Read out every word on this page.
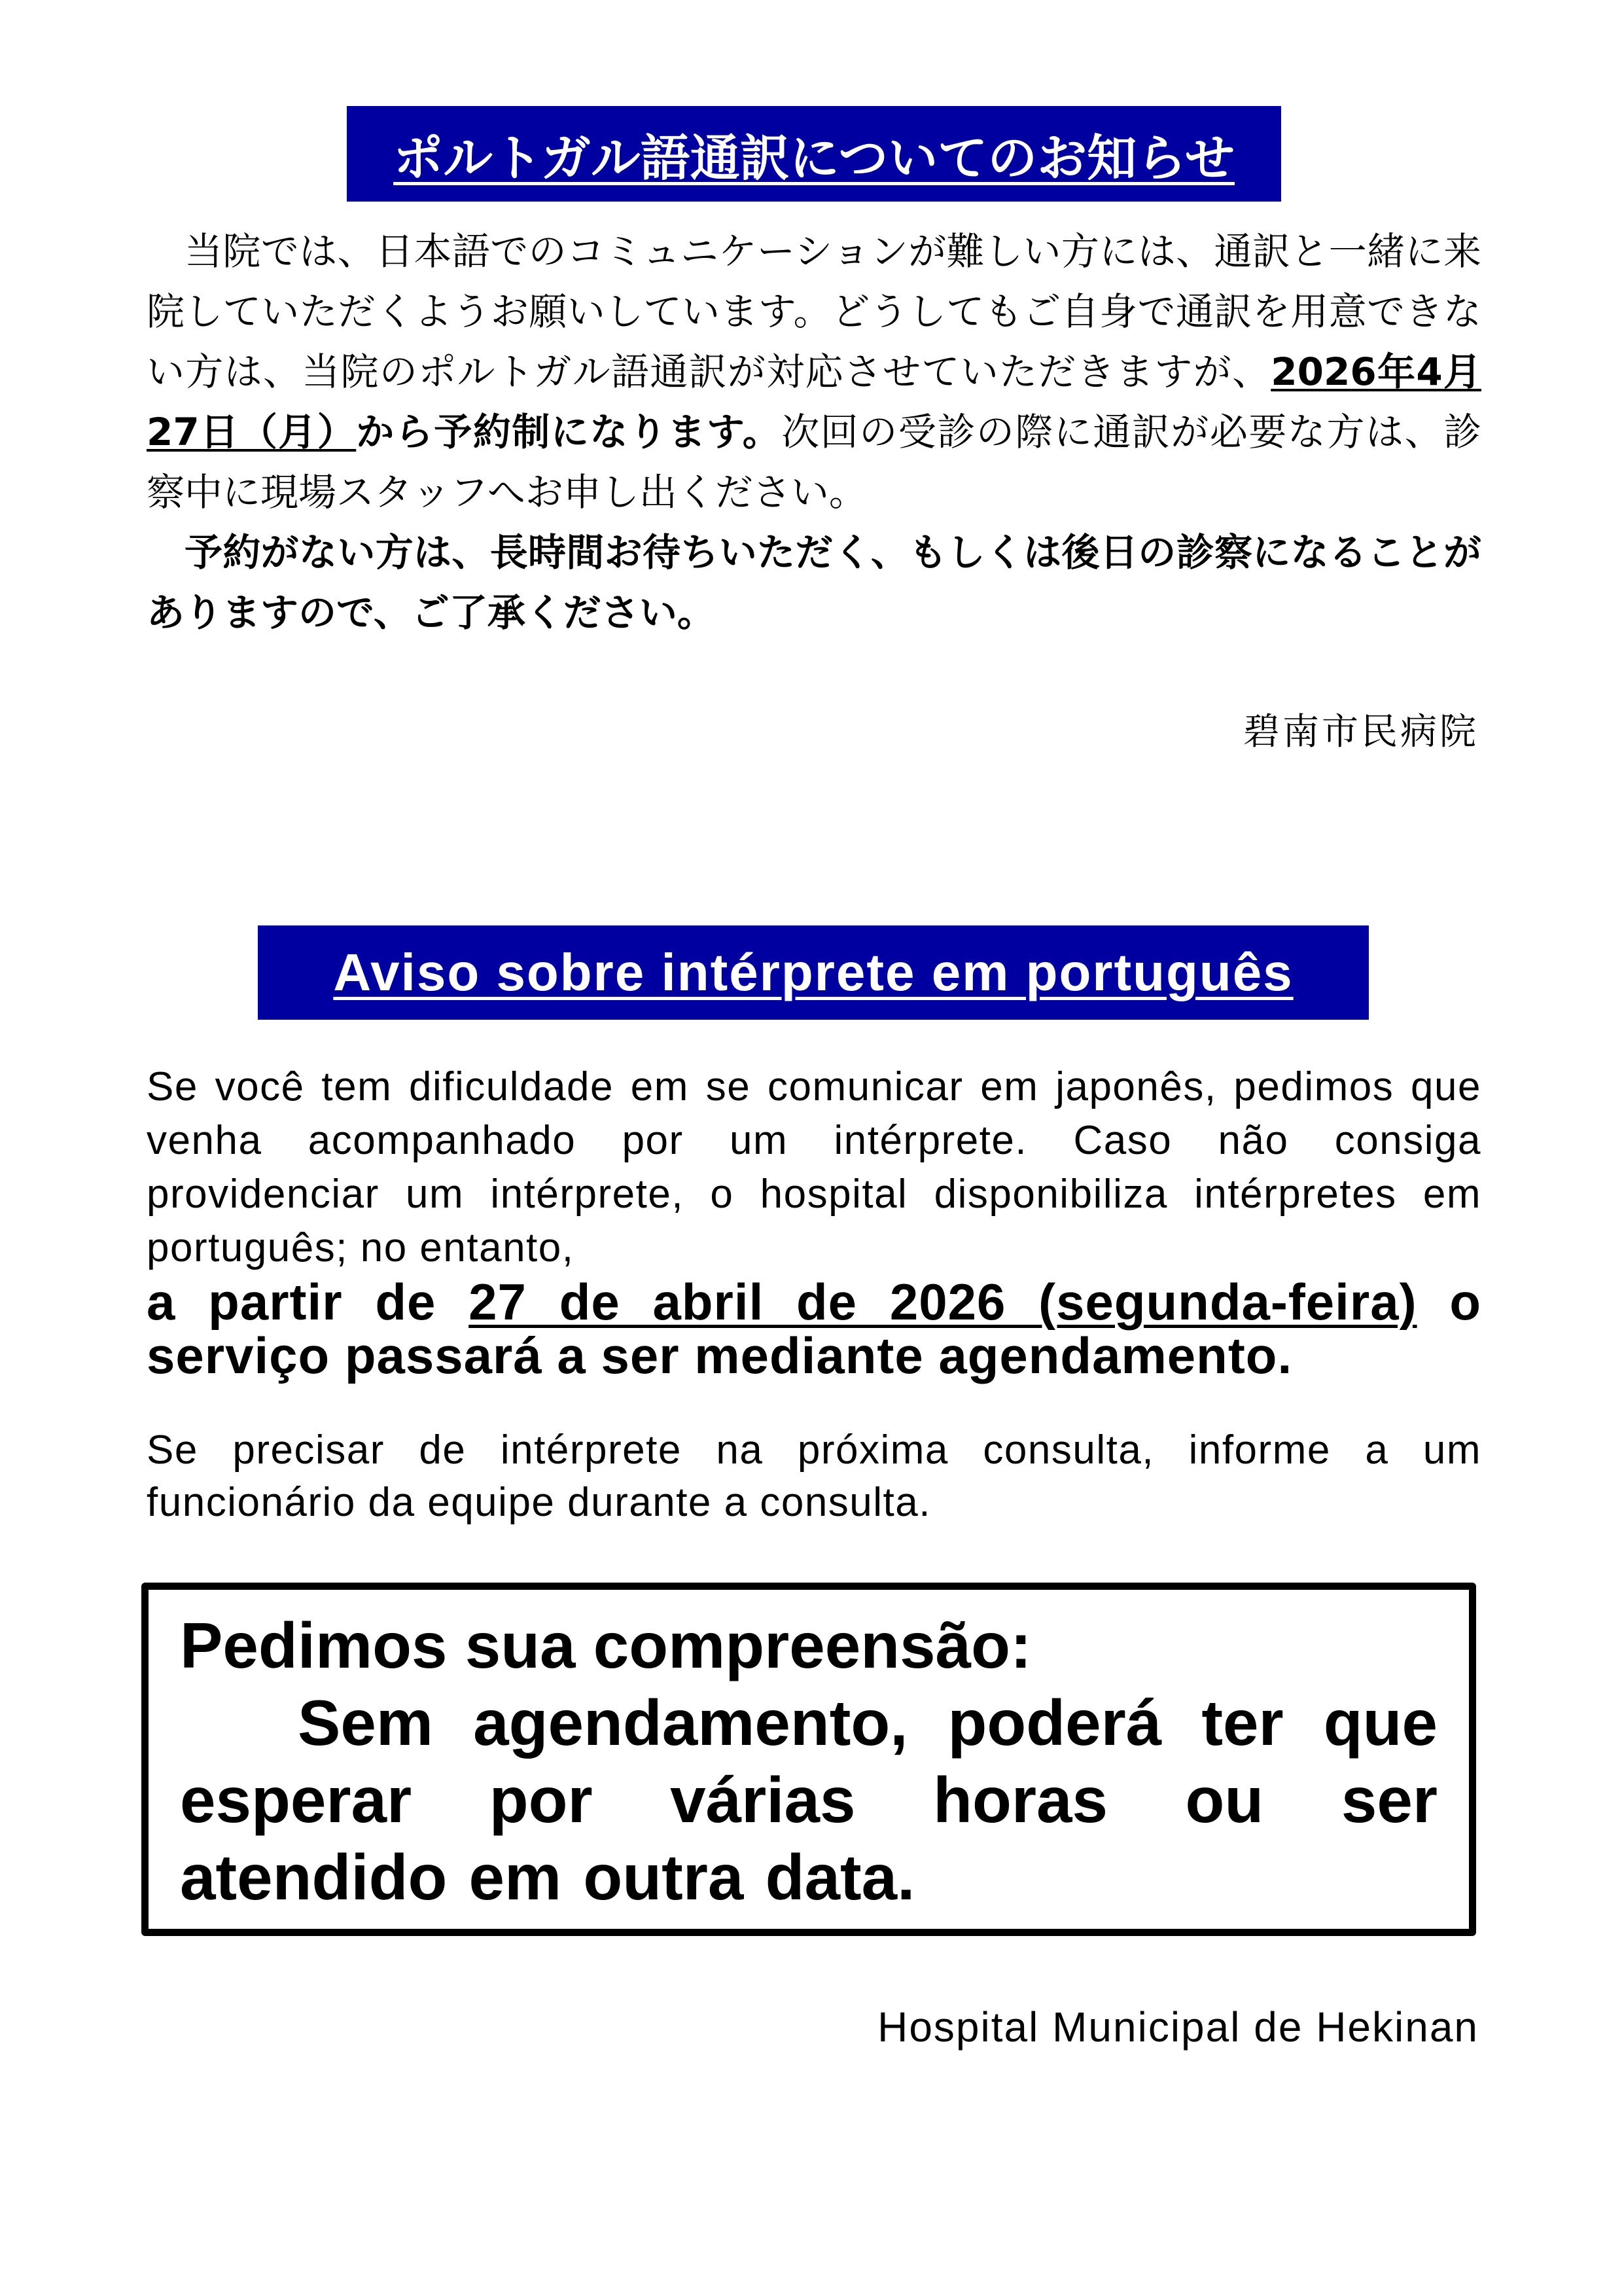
ポルトガル語通訳についてのお知らせ

当院では、日本語でのコミュニケーションが難しい方には、通訳と一緒に来院していただくようお願いしています。どうしてもご自身で通訳を用意できない方は、当院のポルトガル語通訳が対応させていただきますが、2026年4月27日（月）から予約制になります。次回の受診の際に通訳が必要な方は、診察中に現場スタッフへお申し出ください。

予約がない方は、長時間お待ちいただく、もしくは後日の診察になることがありますので、ご了承ください。

碧南市民病院
Aviso sobre intérprete em português
Se você tem dificuldade em se comunicar em japonês, pedimos que venha acompanhado por um intérprete. Caso não consiga providenciar um intérprete, o hospital disponibiliza intérpretes em português; no entanto,
a partir de 27 de abril de 2026 (segunda-feira) o serviço passará a ser mediante agendamento.
Se precisar de intérprete na próxima consulta, informe a um funcionário da equipe durante a consulta.
Pedimos sua compreensão:
Sem agendamento, poderá ter que esperar por várias horas ou ser atendido em outra data.
Hospital Municipal de Hekinan
